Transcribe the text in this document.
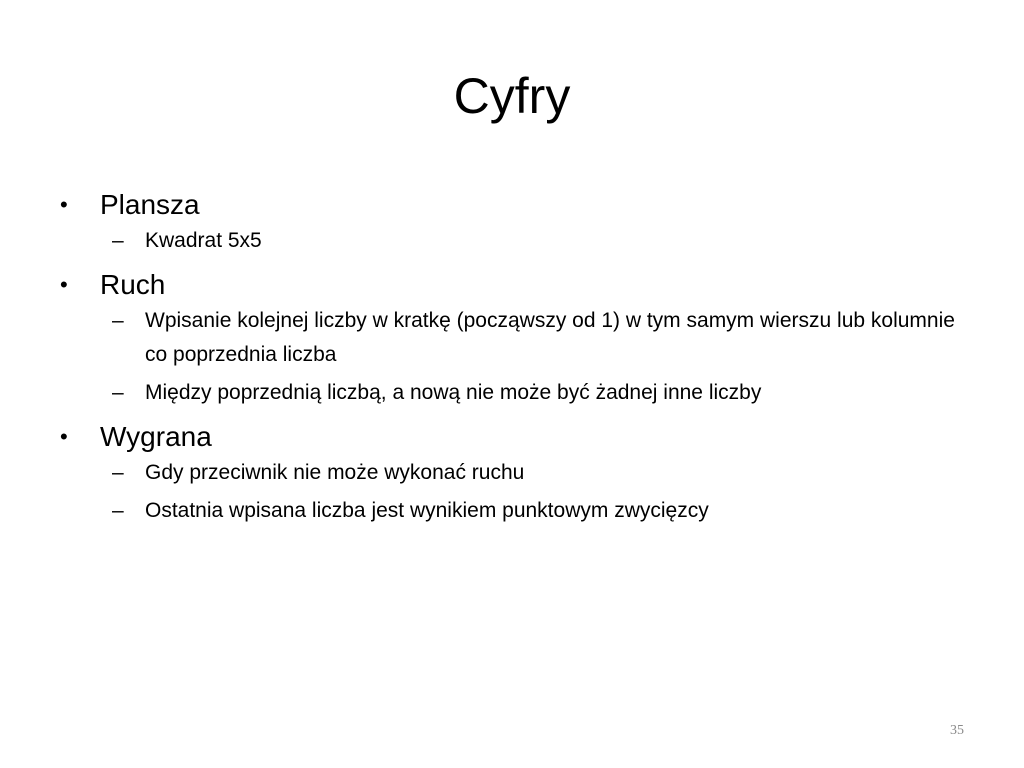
Cyfry

• Plansza

– Kwadrat 5x5

• Ruch

– Wpisanie kolejnej liczby w kratkę (począwszy od 1) w tym samym wierszu lub kolumnie co poprzednia liczba

– Między poprzednią liczbą, a nową nie może być żadnej inne liczby

• Wygrana

– Gdy przeciwnik nie może wykonać ruchu

– Ostatnia wpisana liczba jest wynikiem punktowym zwycięzcy

35
